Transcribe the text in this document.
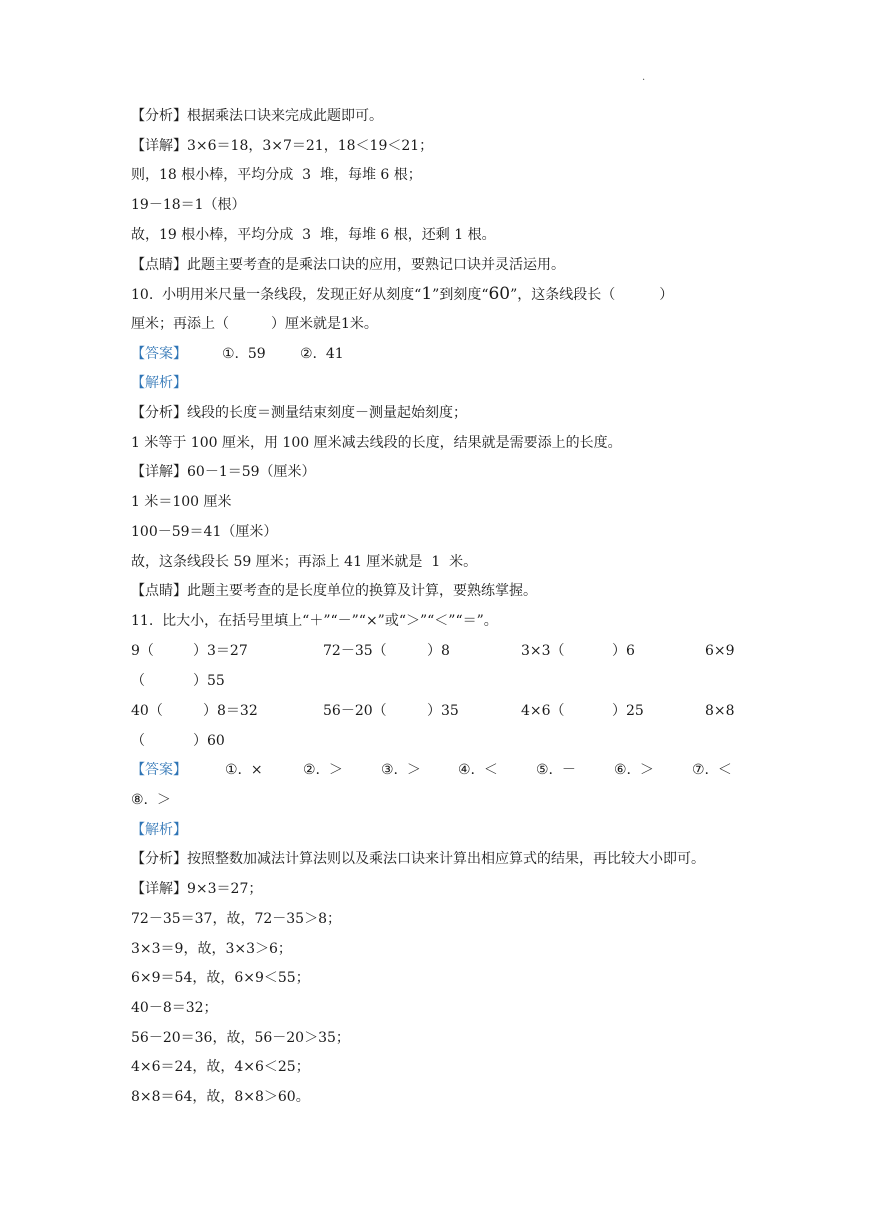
.
【分析】根据乘法口诀来完成此题即可。
【详解】3×6＝18，3×7＝21，18＜19＜21；
则，18 根小棒，平均分成  3  堆，每堆 6 根；
19－18＝1（根）
故，19 根小棒，平均分成  3  堆，每堆 6 根，还剩 1 根。
【点睛】此题主要考查的是乘法口诀的应用，要熟记口诀并灵活运用。
10.  小明用米尺量一条线段，发现正好从刻度“1”到刻度“60”，这条线段长（	）
厘米；再添上（	）厘米就是1米。
【答案】	①.  59 ②.  41
【解析】
【分析】线段的长度＝测量结束刻度－测量起始刻度；
1 米等于 100 厘米，用 100 厘米减去线段的长度，结果就是需要添上的长度。
【详解】60－1＝59（厘米）
1 米＝100 厘米
100－59＝41（厘米）
故，这条线段长 59 厘米；再添上 41 厘米就是  1  米。
【点睛】此题主要考查的是长度单位的换算及计算，要熟练掌握。
11.  比大小，在括号里填上“＋”“－”“×”或“＞”“＜”“＝”。
9（	）3＝27	72－35（	）8	3×3（	）6	6×9
（	）55
40（	）8＝32	56－20（	）35	4×6（	）25	8×8
（	）60
【答案】	①.  ×	②.  ＞	③.  ＞	④.  ＜	⑤.  －	⑥.  ＞	⑦.  ＜
⑧.  ＞
【解析】
【分析】按照整数加减法计算法则以及乘法口诀来计算出相应算式的结果，再比较大小即可。
【详解】9×3＝27；
72－35＝37，故，72－35＞8；
3×3＝9，故，3×3＞6；
6×9＝54，故，6×9＜55；
40－8＝32；
56－20＝36，故，56－20＞35；
4×6＝24，故，4×6＜25；
8×8＝64，故，8×8＞60。
